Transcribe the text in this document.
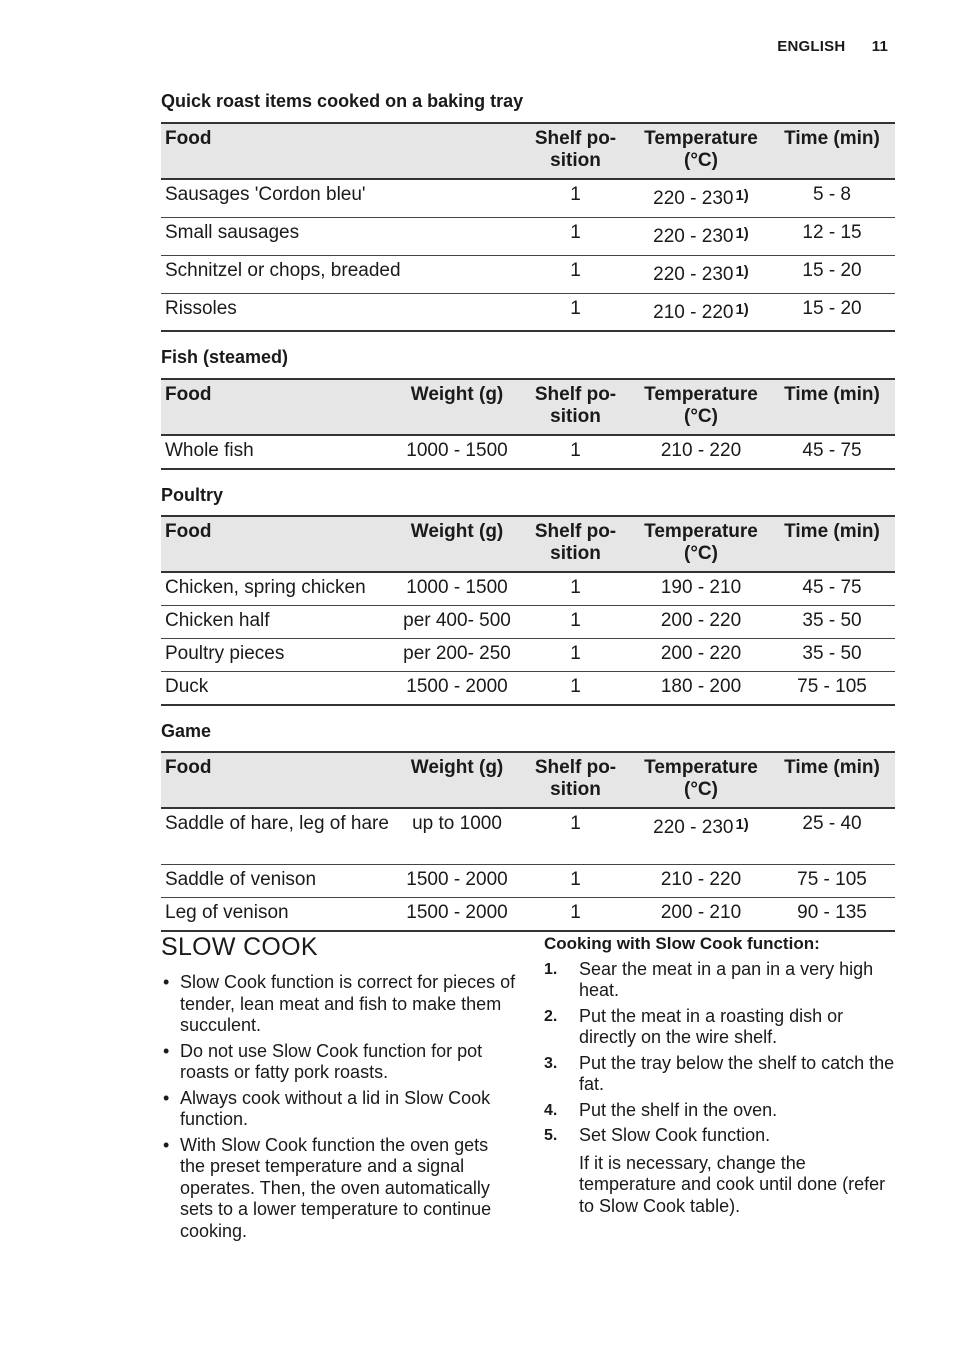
ENGLISH 11
Quick roast items cooked on a baking tray
Food	Shelf po-
sition	Temperature (°C)	Time (min)
Sausages 'Cordon bleu'	1	220 - 230 $^{1)}$	5 - 8
Small sausages	1	220 - 230 $^{1)}$	12 - 15
Schnitzel or chops, breaded	1	220 - 230 $^{1)}$	15 - 20
Rissoles	1	210 - 220 $^{1)}$	15 - 20
Fish (steamed)
Food	Weight (g)	Shelf po-
sition	Temperature (°C)	Time (min)
Whole fish	1000 - 1500	1	210 - 220	45 - 75
Poultry
Food	Weight (g)	Shelf po-
sition	Temperature (°C)	Time (min)
Chicken, spring chicken	1000 - 1500	1	190 - 210	45 - 75
Chicken half	per 400- 500	1	200 - 220	35 - 50
Poultry pieces	per 200- 250	1	200 - 220	35 - 50
Duck	1500 - 2000	1	180 - 200	75 - 105
Game
Food	Weight (g)	Shelf po-
sition	Temperature (°C)	Time (min)
Saddle of hare, leg of hare	up to 1000	1	220 - 230 $^{1)}$	25 - 40
Saddle of venison	1500 - 2000	1	210 - 220	75 - 105
Leg of venison	1500 - 2000	1	200 - 210	90 - 135
SLOW COOK
• Slow Cook function is correct for pieces of tender, lean meat and fish to make them succulent.
• Do not use Slow Cook function for pot roasts or fatty pork roasts.
• Always cook without a lid in Slow Cook function.
• With Slow Cook function the oven gets the preset temperature and a signal operates. Then, the oven automatically sets to a lower temperature to continue cooking.
Cooking with Slow Cook function:
1. Sear the meat in a pan in a very high heat.
2. Put the meat in a roasting dish or directly on the wire shelf.
3. Put the tray below the shelf to catch the fat.
4. Put the shelf in the oven.
5. Set Slow Cook function.
If it is necessary, change the temperature and cook until done (refer to Slow Cook table).
